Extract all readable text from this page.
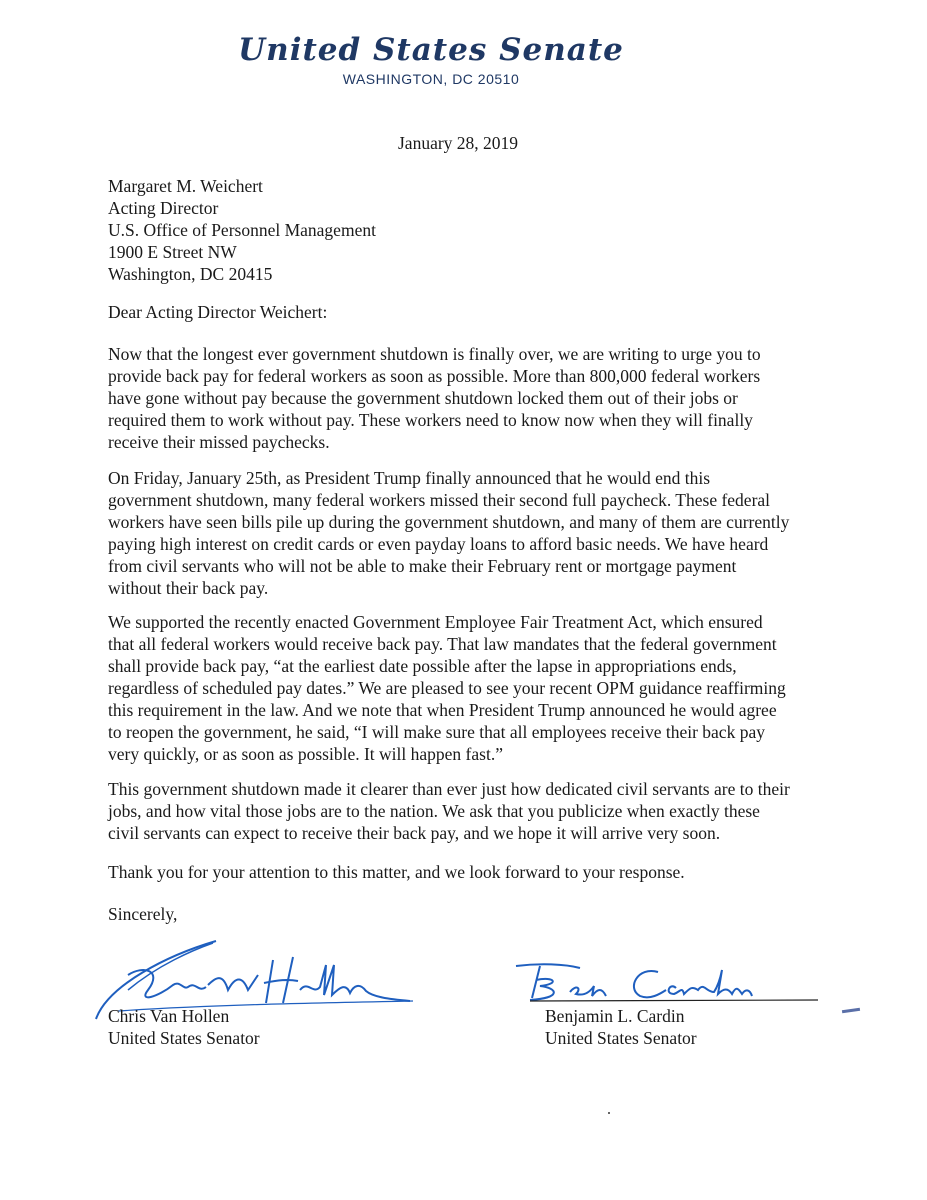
United States Senate
WASHINGTON, DC 20510
January 28, 2019
Margaret M. Weichert
Acting Director
U.S. Office of Personnel Management
1900 E Street NW
Washington, DC 20415
Dear Acting Director Weichert:
Now that the longest ever government shutdown is finally over, we are writing to urge you to
provide back pay for federal workers as soon as possible. More than 800,000 federal workers
have gone without pay because the government shutdown locked them out of their jobs or
required them to work without pay. These workers need to know now when they will finally
receive their missed paychecks.
On Friday, January 25th, as President Trump finally announced that he would end this
government shutdown, many federal workers missed their second full paycheck. These federal
workers have seen bills pile up during the government shutdown, and many of them are currently
paying high interest on credit cards or even payday loans to afford basic needs. We have heard
from civil servants who will not be able to make their February rent or mortgage payment
without their back pay.
We supported the recently enacted Government Employee Fair Treatment Act, which ensured
that all federal workers would receive back pay. That law mandates that the federal government
shall provide back pay, “at the earliest date possible after the lapse in appropriations ends,
regardless of scheduled pay dates.” We are pleased to see your recent OPM guidance reaffirming
this requirement in the law. And we note that when President Trump announced he would agree
to reopen the government, he said, “I will make sure that all employees receive their back pay
very quickly, or as soon as possible. It will happen fast.”
This government shutdown made it clearer than ever just how dedicated civil servants are to their
jobs, and how vital those jobs are to the nation. We ask that you publicize when exactly these
civil servants can expect to receive their back pay, and we hope it will arrive very soon.
Thank you for your attention to this matter, and we look forward to your response.
Sincerely,
Chris Van Hollen
United States Senator
Benjamin L. Cardin
United States Senator
